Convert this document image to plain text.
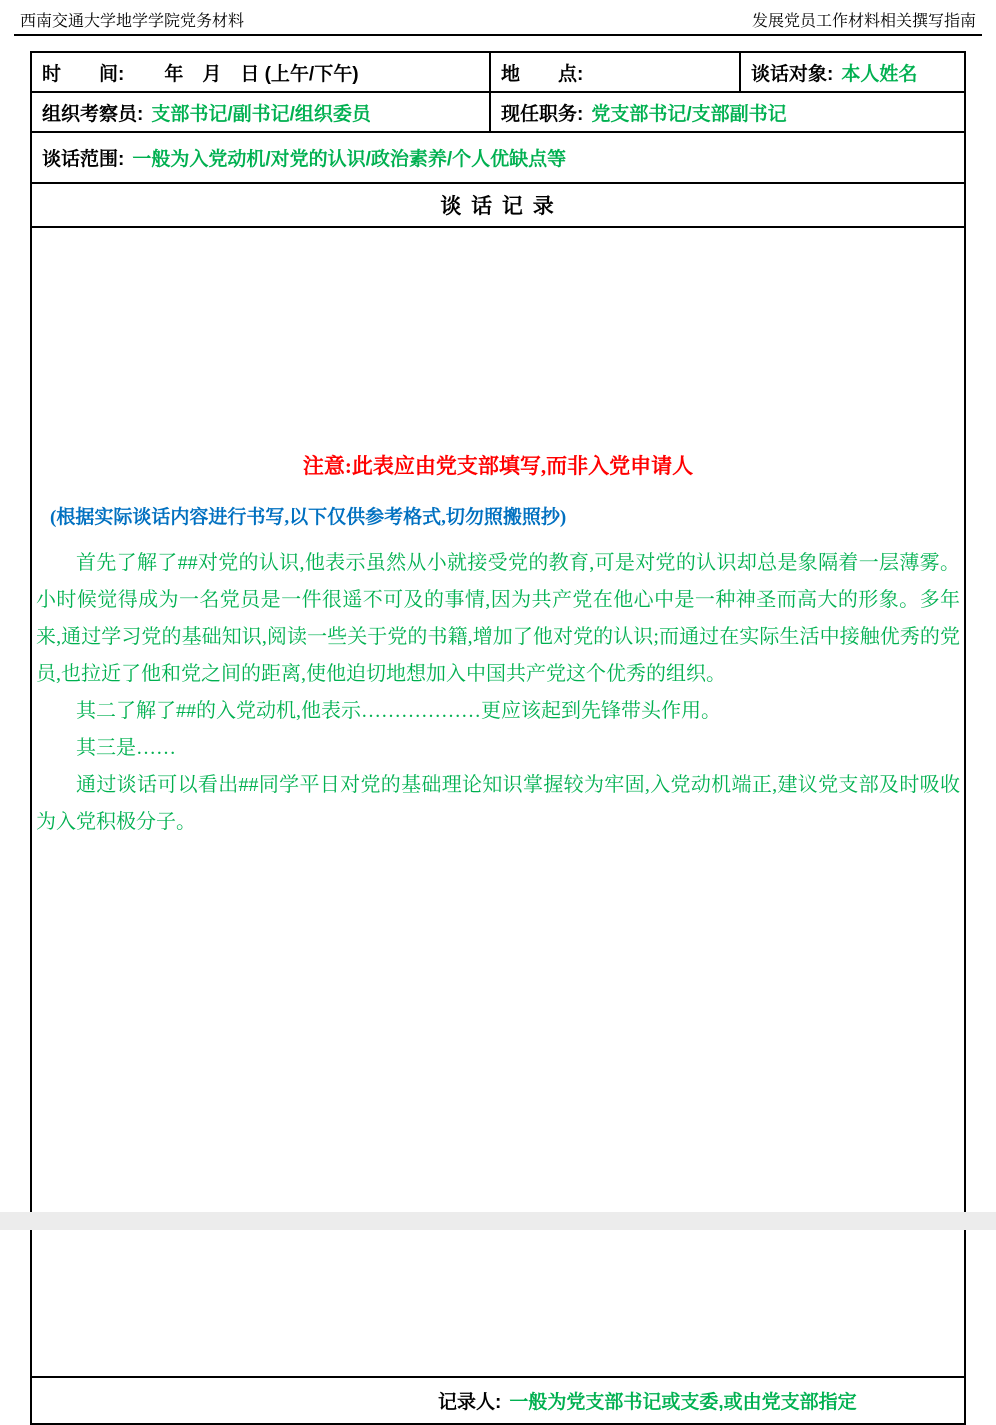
西南交通大学地学学院党务材料	发展党员工作材料相关撰写指南
时　　间: 年　月　日 (上午/下午)	地　　点:	谈话对象: 本人姓名
组织考察员: 支部书记/副书记/组织委员	现任职务: 党支部书记/支部副书记
谈话范围: 一般为入党动机/对党的认识/政治素养/个人优缺点等
谈 话 记 录
注意:此表应由党支部填写,而非入党申请人
(根据实际谈话内容进行书写,以下仅供参考格式,切勿照搬照抄)

首先了解了##对党的认识,他表示虽然从小就接受党的教育,可是对党的认识却总是象隔着一层薄雾。小时候觉得成为一名党员是一件很遥不可及的事情,因为共产党在他心中是一种神圣而高大的形象。多年来,通过学习党的基础知识,阅读一些关于党的书籍,增加了他对党的认识;而通过在实际生活中接触优秀的党员,也拉近了他和党之间的距离,使他迫切地想加入中国共产党这个优秀的组织。

其二了解了##的入党动机,他表示………………更应该起到先锋带头作用。

其三是……

通过谈话可以看出##同学平日对党的基础理论知识掌握较为牢固,入党动机端正,建议党支部及时吸收为入党积极分子。

记录人: 一般为党支部书记或支委,或由党支部指定
